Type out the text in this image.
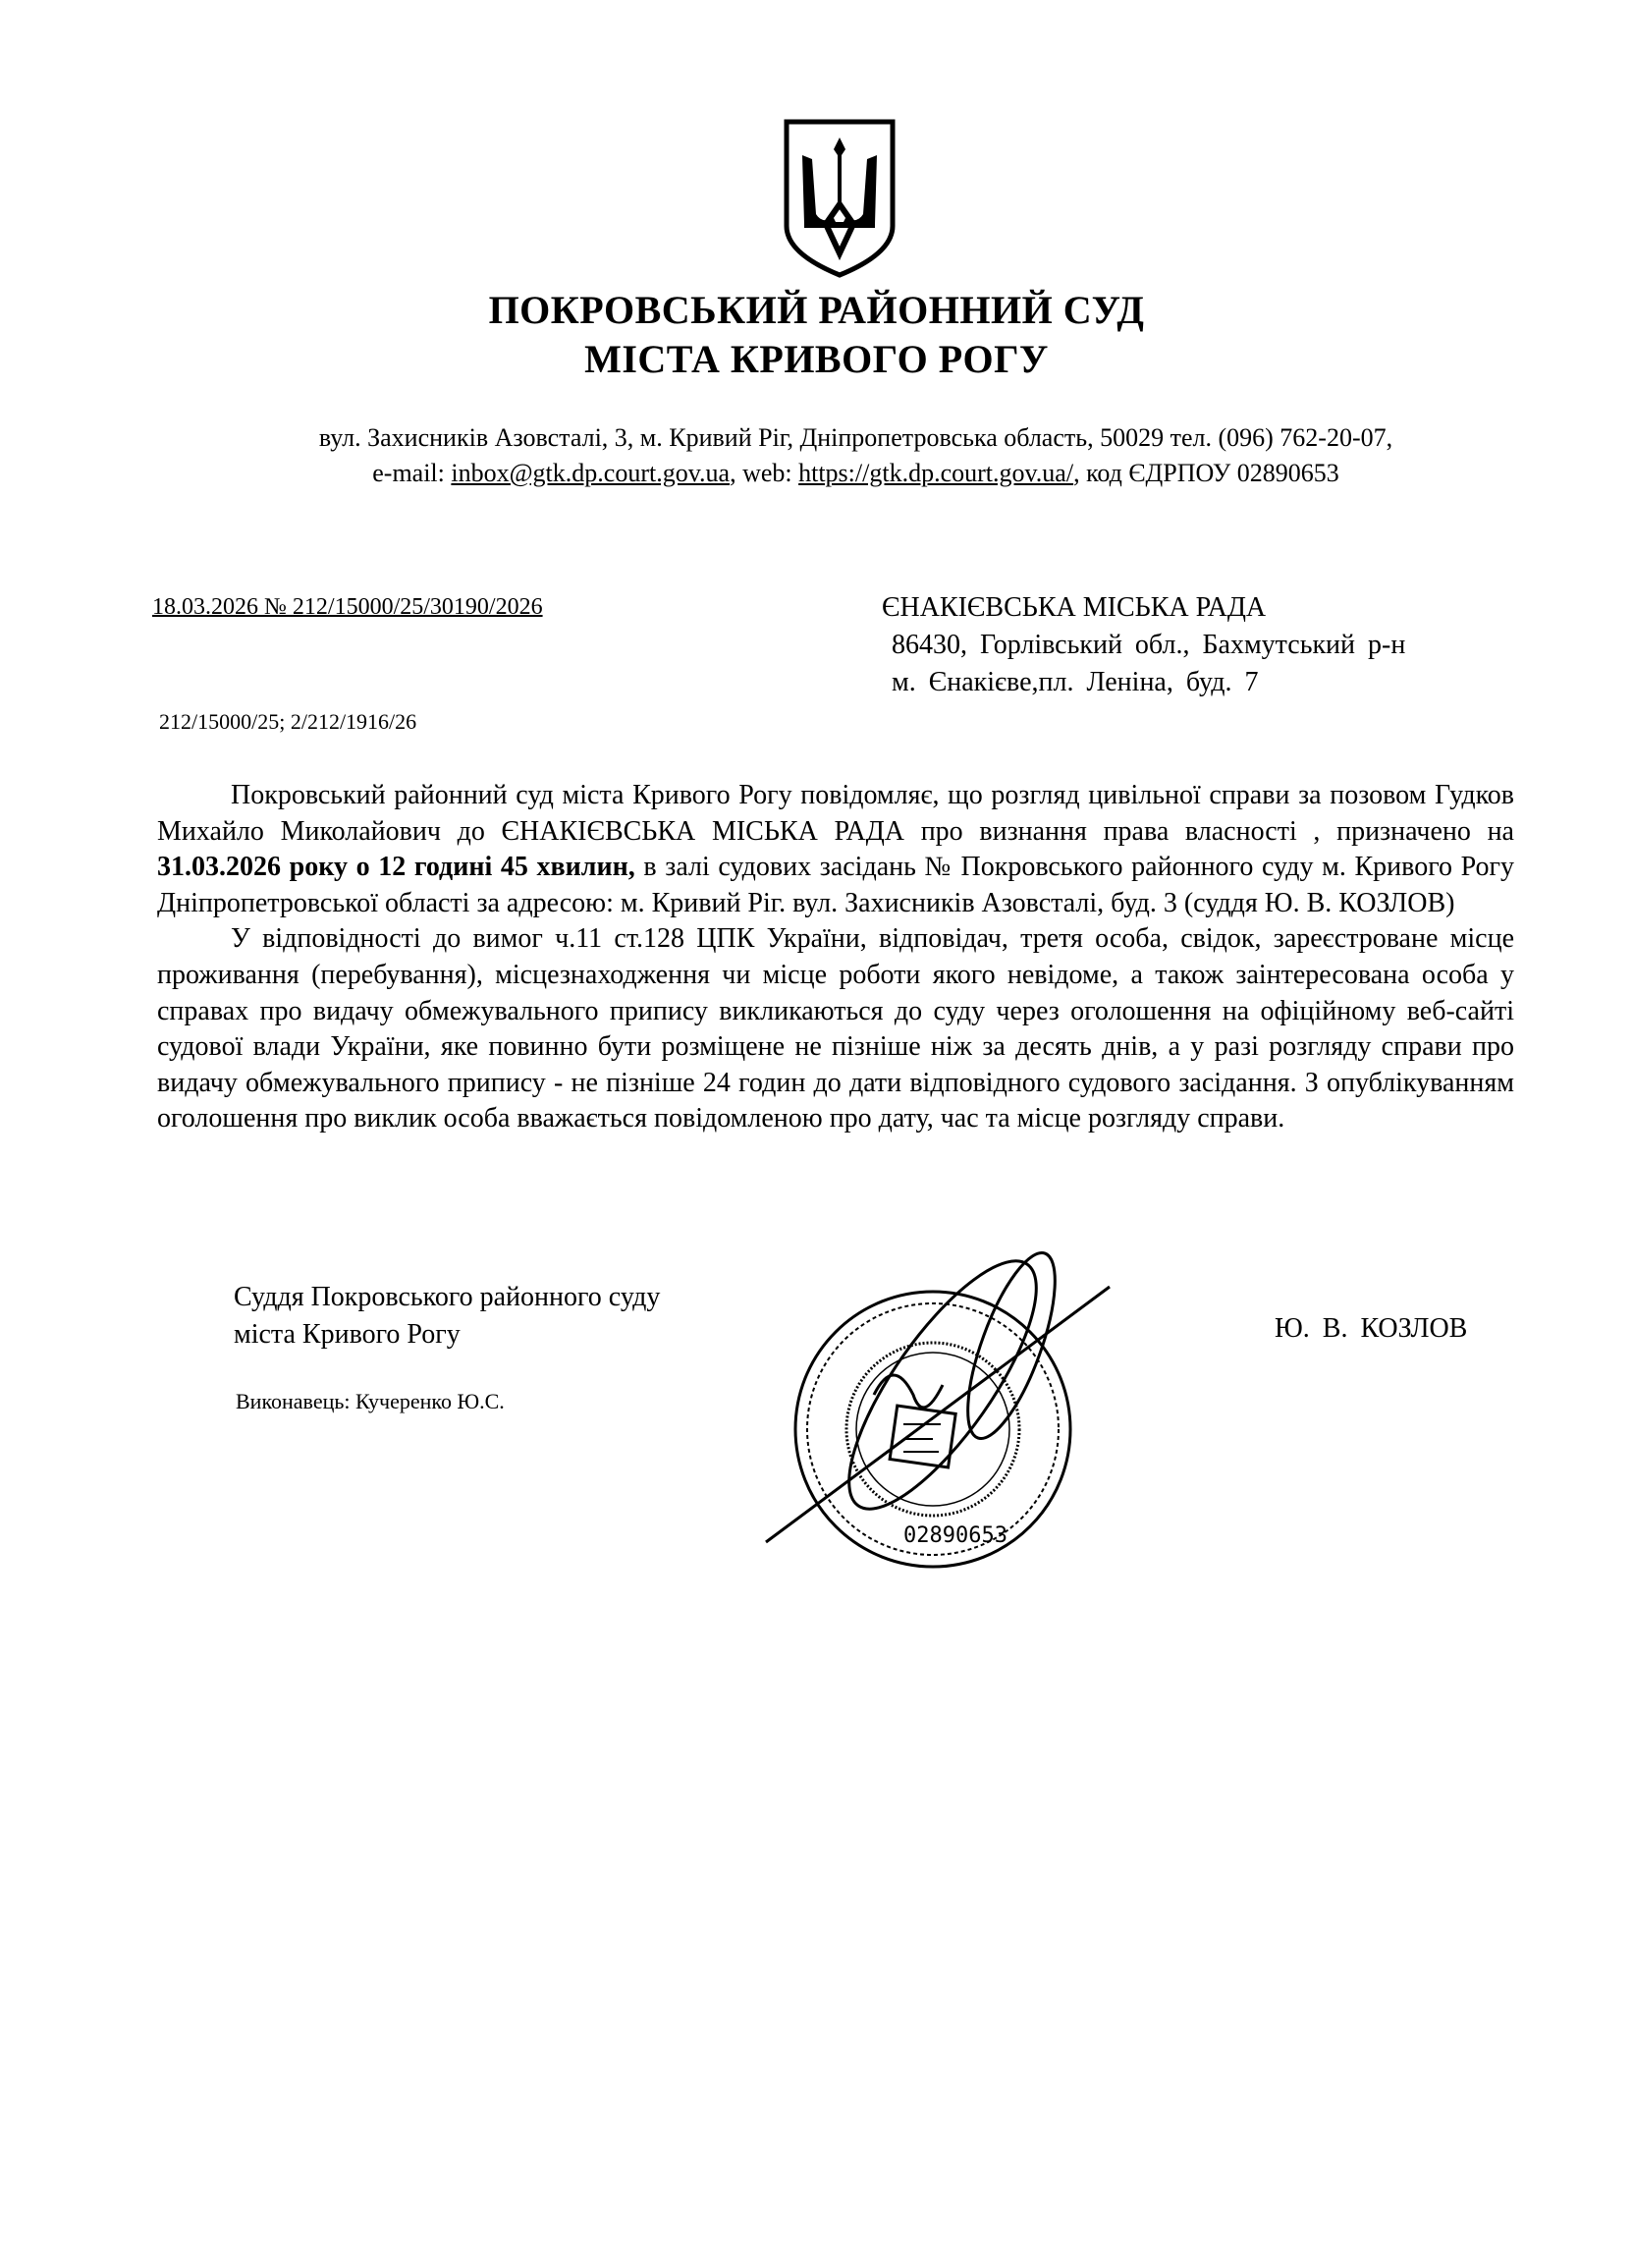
ПОКРОВСЬКИЙ РАЙОННИЙ СУД
МІСТА КРИВОГО РОГУ
вул. Захисників Азовсталі, 3, м. Кривий Ріг, Дніпропетровська область, 50029 тел. (096) 762-20-07,
e-mail: inbox@gtk.dp.court.gov.ua, web: https://gtk.dp.court.gov.ua/, код ЄДРПОУ 02890653
18.03.2026 № 212/15000/25/30190/2026
212/15000/25; 2/212/1916/26
ЄНАКІЄВСЬКА МІСЬКА РАДА
86430, Горлівський обл., Бахмутський р-н
м. Єнакієве,пл. Леніна, буд. 7

Покровський районний суд міста Кривого Рогу повідомляє, що розгляд цивільної справи за позовом Гудков Михайло Миколайович до ЄНАКІЄВСЬКА МІСЬКА РАДА про визнання права власності , призначено на 31.03.2026 року о 12 годині 45 хвилин, в залі судових засідань № Покровського районного суду м. Кривого Рогу Дніпропетровської області за адресою: м. Кривий Ріг. вул. Захисників Азовсталі, буд. 3 (суддя Ю. В. КОЗЛОВ)

У відповідності до вимог ч.11 ст.128 ЦПК України, відповідач, третя особа, свідок, зареєстроване місце проживання (перебування), місцезнаходження чи місце роботи якого невідоме, а також заінтересована особа у справах про видачу обмежувального припису викликаються до суду через оголошення на офіційному веб-сайті судової влади України, яке повинно бути розміщене не пізніше ніж за десять днів, а у разі розгляду справи про видачу обмежувального припису - не пізніше 24 годин до дати відповідного судового засідання. З опублікуванням оголошення про виклик особа вважається повідомленою про дату, час та місце розгляду справи.

Суддя Покровського районного суду
міста Кривого Рогу
Виконавець: Кучеренко Ю.С.
Ю. В. КОЗЛОВ
02890653
